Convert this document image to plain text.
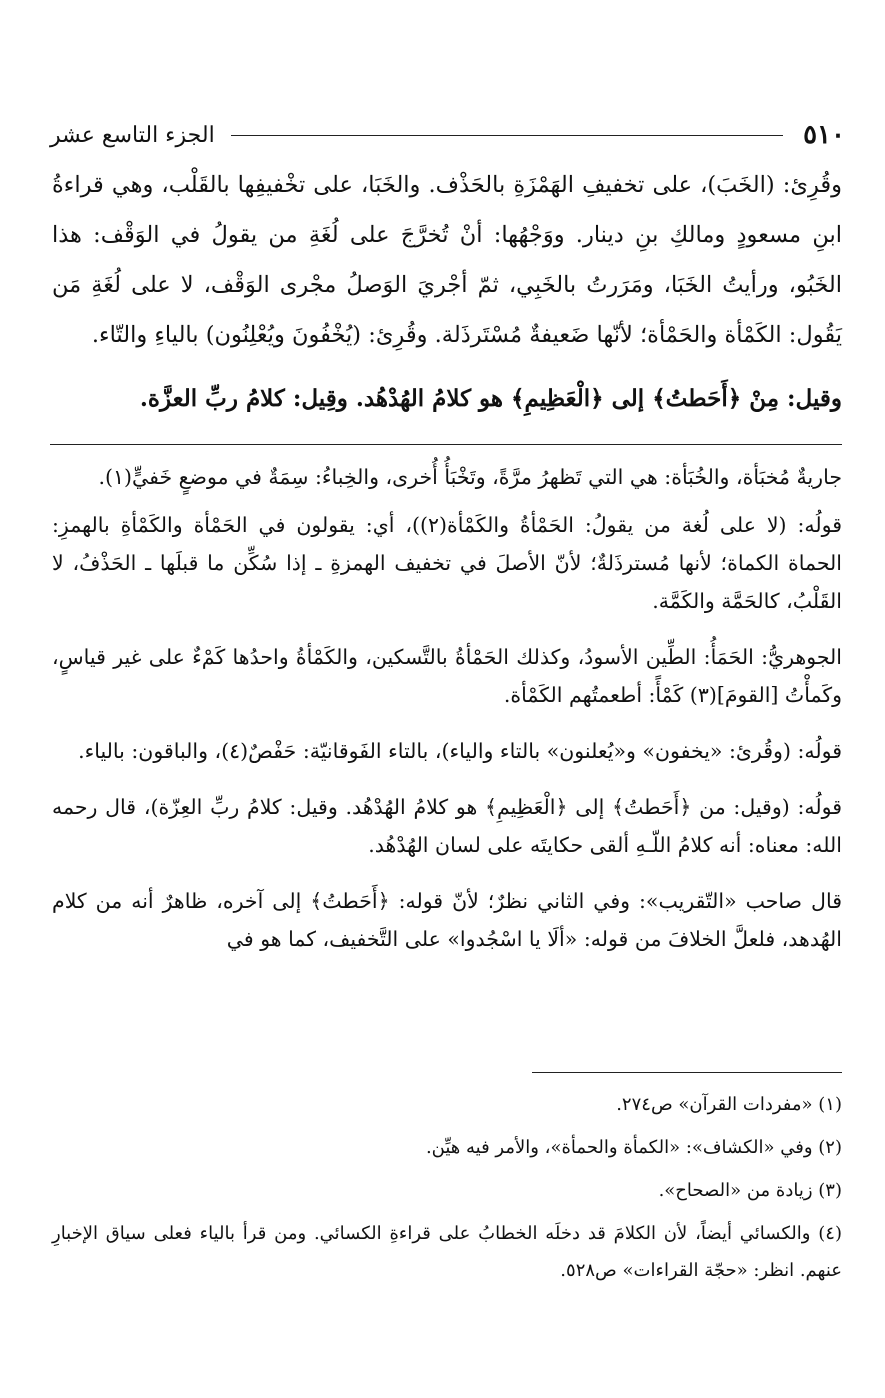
٥١٠
الجزء التاسع عشر

وقُرِئ: (الخَبَ)، على تخفيفِ الهَمْزَةِ بالحَذْف. والخَبَا، على تخْفيفِها بالقَلْب، وهي قراءةُ ابنِ مسعودٍ ومالكِ بنِ دينار. ووَجْهُها: أنْ تُخرَّجَ على لُغَةِ من يقولُ في الوَقْف: هذا الخَبُو، ورأيتُ الخَبَا، ومَرَرتُ بالخَبِي، ثمّ أجْريَ الوَصلُ مجْرى الوَقْف، لا على لُغَةِ مَن يَقُول: الكَمْأة والحَمْأة؛ لأنّها ضَعيفةٌ مُسْتَرذَلة. وقُرِئ: (يُخْفُونَ ويُعْلِنُون) بالياءِ والتّاء.

وقيل: مِنْ ﴿أَحَطتُ﴾ إلى ﴿الْعَظِيمِ﴾ هو كلامُ الهُدْهُد. وقِيل: كلامُ ربِّ العزَّة.

جاريةٌ مُخبَأة، والخُبَأة: هي التي تَظهرُ مرَّةً، وتَخْبَأُ أُخرى، والخِباءُ: سِمَةٌ في موضعٍ خَفيٍّ(١).

قولُه: (لا على لُغة من يقولُ: الحَمْأةُ والكَمْأة(٢))، أي: يقولون في الحَمْأة والكَمْأةِ بالهمزِ: الحماة الكماة؛ لأنها مُسترذَلةٌ؛ لأنّ الأصلَ في تخفيف الهمزةِ ـ إذا سُكِّن ما قبلَها ـ الحَذْفُ، لا القَلْبُ، كالحَمَّة والكَمَّة.

الجوهريُّ: الحَمَأُ: الطِّين الأسودُ، وكذلك الحَمْأةُ بالتَّسكين، والكَمْأةُ واحدُها كَمْءٌ على غير قياسٍ، وكَمأْتُ [القومَ](٣) كَمْأً: أطعمتُهم الكَمْأة.

قولُه: (وقُرئ: «يخفون» و«يُعلنون» بالتاء والياء)، بالتاء الفَوقانيّة: حَفْصٌ(٤)، والباقون: بالياء.

قولُه: (وقيل: من ﴿أَحَطتُ﴾ إلى ﴿الْعَظِيمِ﴾ هو كلامُ الهُدْهُد. وقيل: كلامُ ربِّ العِزّة)، قال رحمه الله: معناه: أنه كلامُ اللّـهِ ألقى حكايتَه على لسان الهُدْهُد.

قال صاحب «التّقريب»: وفي الثاني نظرٌ؛ لأنّ قوله: ﴿أَحَطتُ﴾ إلى آخره، ظاهرٌ أنه من كلام الهُدهد، فلعلَّ الخلافَ من قوله: «ألَا يا اسْجُدوا» على التَّخفيف، كما هو في

(١) «مفردات القرآن» ص٢٧٤.

(٢) وفي «الكشاف»: «الكمأة والحمأة»، والأمر فيه هيِّن.

(٣) زيادة من «الصحاح».

(٤) والكسائي أيضاً، لأن الكلامَ قد دخلَه الخطابُ على قراءةِ الكسائي. ومن قرأ بالياء فعلى سياق الإخبارِ عنهم. انظر: «حجّة القراءات» ص٥٢٨.
